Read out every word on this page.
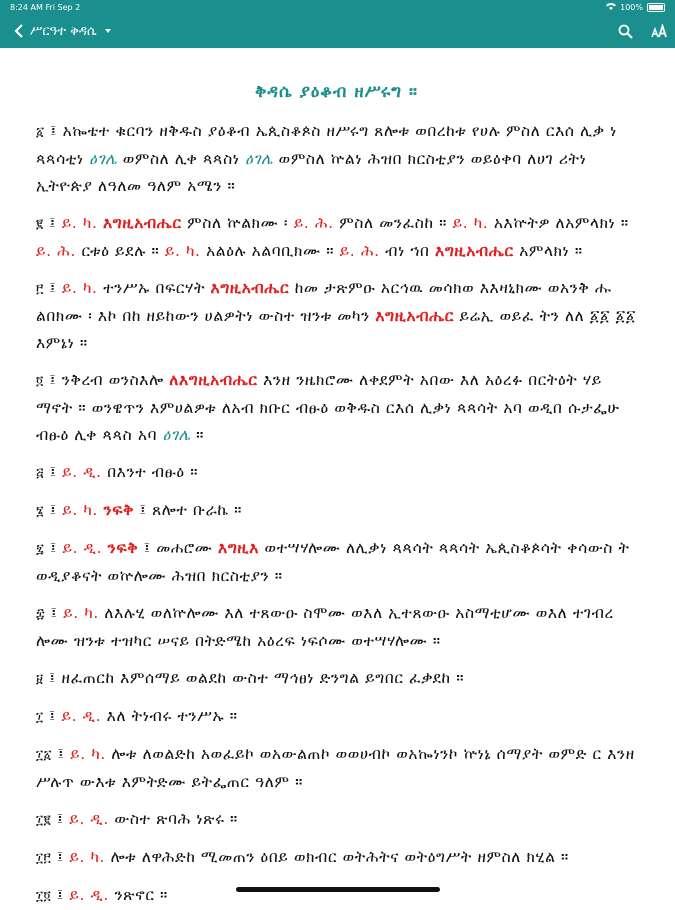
8:24 AM Fri Sep 2	100%
ሥርዓተ ቅዳሴ
ቅዳሴ ያዕቆብ ዘሥሩግ ።

፩ ፤ አኰቴተ ቁርባን ዘቅዱስ ያዕቆብ ኤጲስቆጶስ ዘሥሩግ ጸሎቱ ወበረከቱ የሀሉ ምስለ ርእሰ ሊቃ ነ ጳጳሳቲነ ዕገሌ ወምስለ ሊቀ ጳጳስነ ዕገሌ ወምስለ ኵልነ ሕዝበ ክርስቲያን ወይዕቀባ ለሀገ ሪትነ ኢትዮጵያ ለዓለመ ዓለም አሜን ።

፪ ፤ ይ. ካ. እግዚአብሔር ምስለ ኵልክሙ ፡ ይ. ሕ. ምስለ መንፈስከ ። ይ. ካ. አእኵትዎ ለአምላክነ ። ይ. ሕ. ርቱዕ ይደሉ ። ይ. ካ. አልዕሉ አልባቢክሙ ። ይ. ሕ. ብነ ኀበ እግዚአብሔር አምላክነ ።

፫ ፤ ይ. ካ. ተንሥኡ በፍርሃት እግዚአብሔር ከመ ታጽምዑ አርኅዉ መሳክወ እእዛኒክሙ ወአንቅ ሑ ልበክሙ ፡ እኮ በከ ዘይከውን ሀልዎትነ ውስተ ዝንቱ መካን እግዚአብሔር ይሬኢ ወይፈ ትን ለለ ፩፩ ፩፩ እምኔነ ።

፬ ፤ ንቅረብ ወንስእሎ ለእግዚአብሔር እንዘ ንዜክሮሙ ለቀደምት አበው እለ አዕረፉ በርትዕት ሃይ ማኖት ። ወንዌጥን እምሀልዎቱ ለአብ ክቡር ብፁዕ ወቅዱስ ርእሰ ሊቃነ ጳጳሳት አባ ወዲበ ሱታፌሁ ብፁዕ ሊቀ ጳጳስ አባ ዕገሌ ።

፭ ፤ ይ. ዲ. በእንተ ብፁዕ ።

፮ ፤ ይ. ካ. ንፍቅ ፤ ጸሎተ ቡራኬ ።

፯ ፤ ይ. ዲ. ንፍቅ ፤ መሐሮሙ እግዚእ ወተሣሃሎሙ ለሊቃነ ጳጳሳት ጳጳሳት ኤጲስቆጶሳት ቀሳውስ ት ወዲያቆናት ወኵሎሙ ሕዝበ ክርስቲያን ።

፰ ፤ ይ. ካ. ለእሉሂ ወለኵሎሙ እለ ተጸውዑ ስሞሙ ወእለ ኢተጸውዑ አስማቲሆሙ ወእለ ተገብረ ሎሙ ዝንቱ ተዝካር ሠናይ በትድሜከ አዕረፍ ነፍሶሙ ወተሣሃሎሙ ።

፱ ፤ ዘፈጠርከ እምሰማይ ወልደከ ውስተ ማኅፀነ ድንግል ይግበር ፈቃደከ ።

፲ ፤ ይ. ዲ. እለ ትነብሩ ተንሥኡ ።

፲፩ ፤ ይ. ካ. ሎቱ ለወልድከ አወፈይኮ ወአውልጠኮ ወወሀብኮ ወአኰነንኮ ኵነኔ ሰማያት ወምድ ር እንዘ ሥሉጥ ውእቱ እምትድሙ ይትፌጠር ዓለም ።

፲፪ ፤ ይ. ዲ. ውስተ ጽባሕ ነጽሩ ።

፲፫ ፤ ይ. ካ. ሎቱ ለዋሕድከ ሚመጠን ዕበይ ወክብር ወትሕትና ወትዕግሥት ዘምስለ ክሂል ።

፲፬ ፤ ይ. ዲ. ንጽኖር ።
